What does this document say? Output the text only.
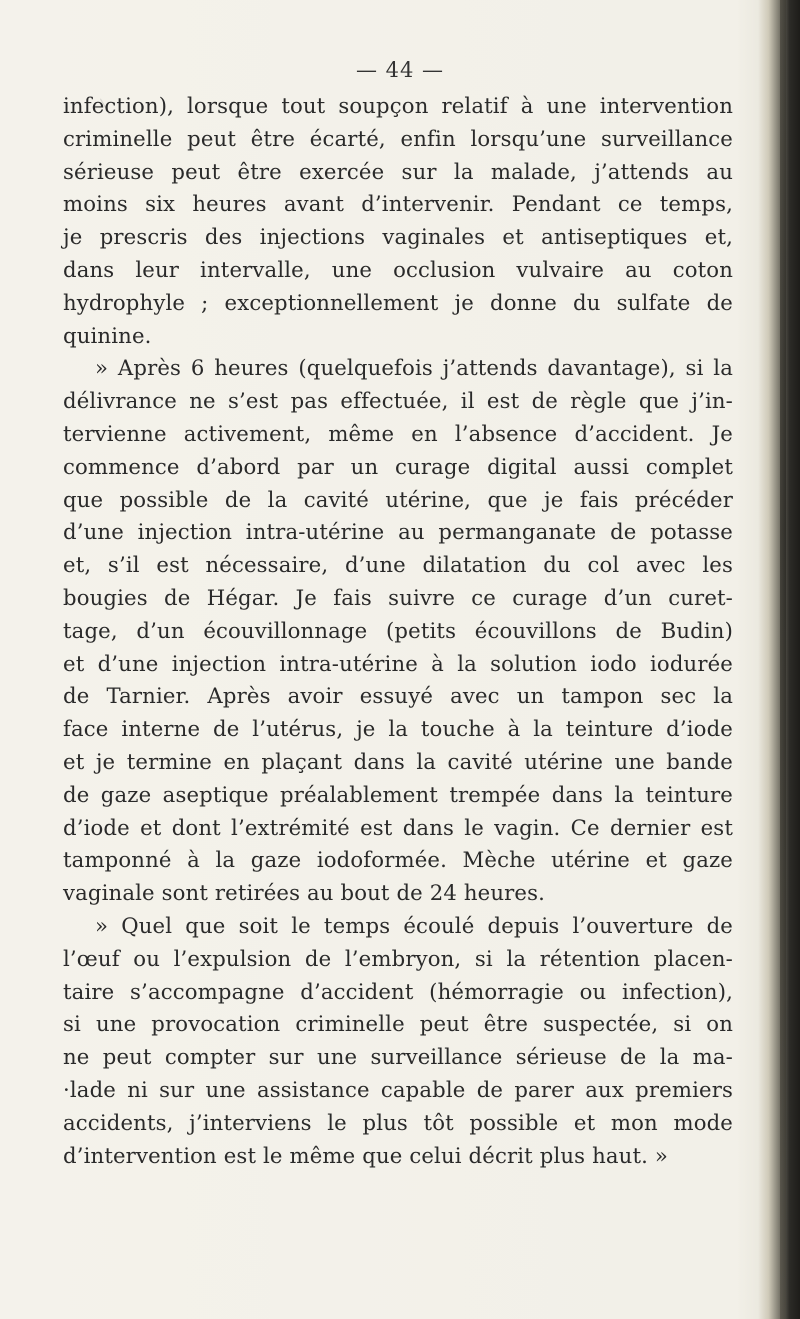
— 44 —
infection), lorsque tout soupçon relatif à une intervention
criminelle peut être écarté, enfin lorsqu’une surveillance
sérieuse peut être exercée sur la malade, j’attends au
moins six heures avant d’intervenir. Pendant ce temps,
je prescris des injections vaginales et antiseptiques et,
dans leur intervalle, une occlusion vulvaire au coton
hydrophyle ; exceptionnellement je donne du sulfate de
quinine.
» Après 6 heures (quelquefois j’attends davantage), si la
délivrance ne s’est pas effectuée, il est de règle que j’in-
tervienne activement, même en l’absence d’accident. Je
commence d’abord par un curage digital aussi complet
que possible de la cavité utérine, que je fais précéder
d’une injection intra-utérine au permanganate de potasse
et, s’il est nécessaire, d’une dilatation du col avec les
bougies de Hégar. Je fais suivre ce curage d’un curet-
tage, d’un écouvillonnage (petits écouvillons de Budin)
et d’une injection intra-utérine à la solution iodo iodurée
de Tarnier. Après avoir essuyé avec un tampon sec la
face interne de l’utérus, je la touche à la teinture d’iode
et je termine en plaçant dans la cavité utérine une bande
de gaze aseptique préalablement trempée dans la teinture
d’iode et dont l’extrémité est dans le vagin. Ce dernier est
tamponné à la gaze iodoformée. Mèche utérine et gaze
vaginale sont retirées au bout de 24 heures.
» Quel que soit le temps écoulé depuis l’ouverture de
l’œuf ou l’expulsion de l’embryon, si la rétention placen-
taire s’accompagne d’accident (hémorragie ou infection),
si une provocation criminelle peut être suspectée, si on
ne peut compter sur une surveillance sérieuse de la ma-
·lade ni sur une assistance capable de parer aux premiers
accidents, j’interviens le plus tôt possible et mon mode
d’intervention est le même que celui décrit plus haut. »
